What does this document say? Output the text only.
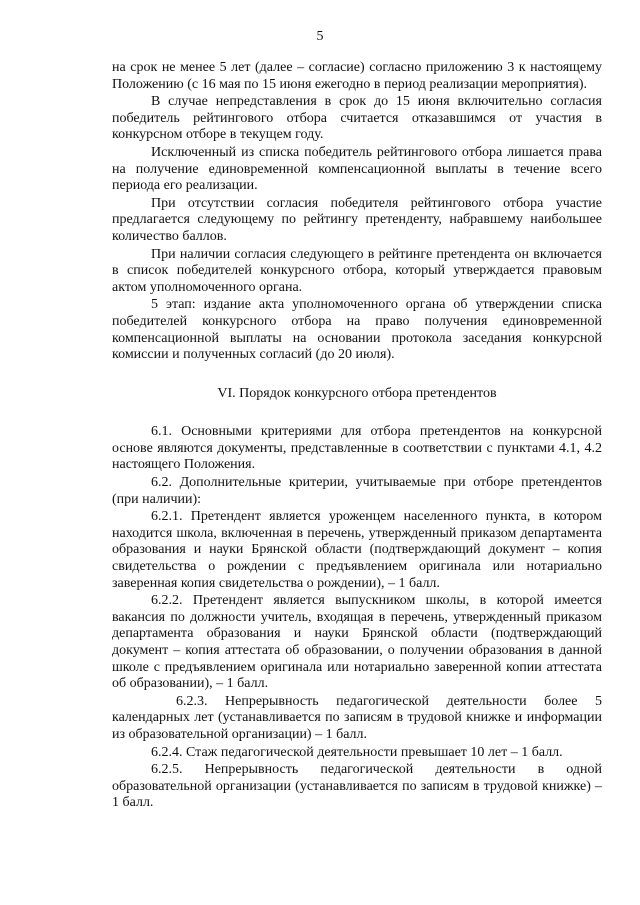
5

на срок не менее 5 лет (далее – согласие) согласно приложению 3 к настоящему Положению (с 16 мая по 15 июня ежегодно в период реализации мероприятия).

В случае непредставления в срок до 15 июня включительно согласия победитель рейтингового отбора считается отказавшимся от участия в конкурсном отборе в текущем году.

Исключенный из списка победитель рейтингового отбора лишается права на получение единовременной компенсационной выплаты в течение всего периода его реализации.

При отсутствии согласия победителя рейтингового отбора участие предлагается следующему по рейтингу претенденту, набравшему наибольшее количество баллов.

При наличии согласия следующего в рейтинге претендента он включается в список победителей конкурсного отбора, который утверждается правовым актом уполномоченного органа.

5 этап: издание акта уполномоченного органа об утверждении списка победителей конкурсного отбора на право получения единовременной компенсационной выплаты на основании протокола заседания конкурсной комиссии и полученных согласий (до 20 июля).

VI. Порядок конкурсного отбора претендентов

6.1. Основными критериями для отбора претендентов на конкурсной основе являются документы, представленные в соответствии с пунктами 4.1, 4.2 настоящего Положения.

6.2. Дополнительные критерии, учитываемые при отборе претендентов (при наличии):

6.2.1. Претендент является уроженцем населенного пункта, в котором находится школа, включенная в перечень, утвержденный приказом департамента образования и науки Брянской области (подтверждающий документ – копия свидетельства о рождении с предъявлением оригинала или нотариально заверенная копия свидетельства о рождении), – 1 балл.

6.2.2. Претендент является выпускником школы, в которой имеется вакансия по должности учитель, входящая в перечень, утвержденный приказом департамента образования и науки Брянской области (подтверждающий документ – копия аттестата об образовании, о получении образования в данной школе с предъявлением оригинала или нотариально заверенной копии аттестата об образовании), – 1 балл.

6.2.3. Непрерывность педагогической деятельности более 5 календарных лет (устанавливается по записям в трудовой книжке и информации из образовательной организации) – 1 балл.

6.2.4. Стаж педагогической деятельности превышает 10 лет – 1 балл.

6.2.5. Непрерывность педагогической деятельности в одной образовательной организации (устанавливается по записям в трудовой книжке) – 1 балл.
